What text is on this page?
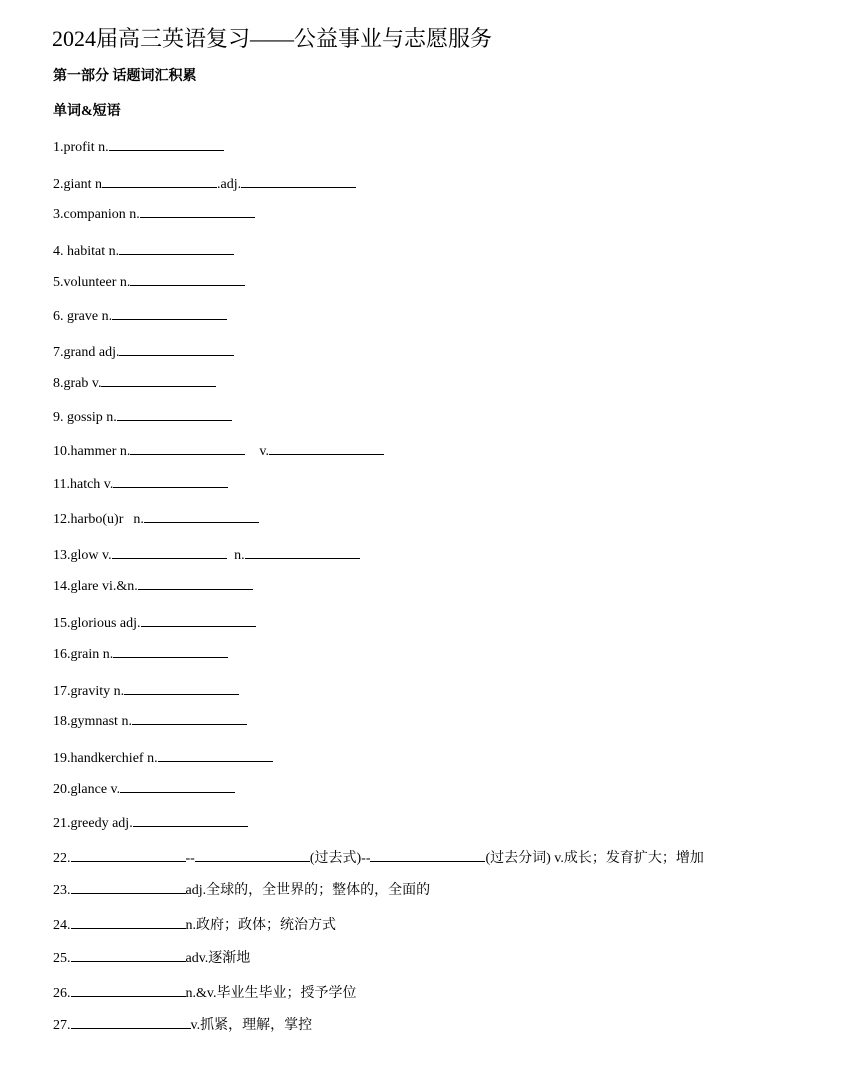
2024届高三英语复习——公益事业与志愿服务
第一部分 话题词汇积累
单词&短语
1.profit n.
2.giant n	.adj.
3.companion n.
4. habitat n.
5.volunteer n.
6. grave n.
7.grand adj.
8.grab v.
9. gossip n.
10.hammer n.	v.
11.hatch v.
12.harbo(u)r n.
13.glow v.	n.
14.glare vi.&n.
15.glorious adj.
16.grain n.
17.gravity n.
18.gymnast n.
19.handkerchief n.
20.glance v.
21.greedy adj.
22.	--	(过去式)--	(过去分词) v.成长；发育扩大；增加
23.	adj.全球的，全世界的；整体的，全面的
24.	n.政府；政体；统治方式
25.	adv.逐渐地
26.	n.&v.毕业生毕业；授予学位
27.	v.抓紧，理解，掌控
